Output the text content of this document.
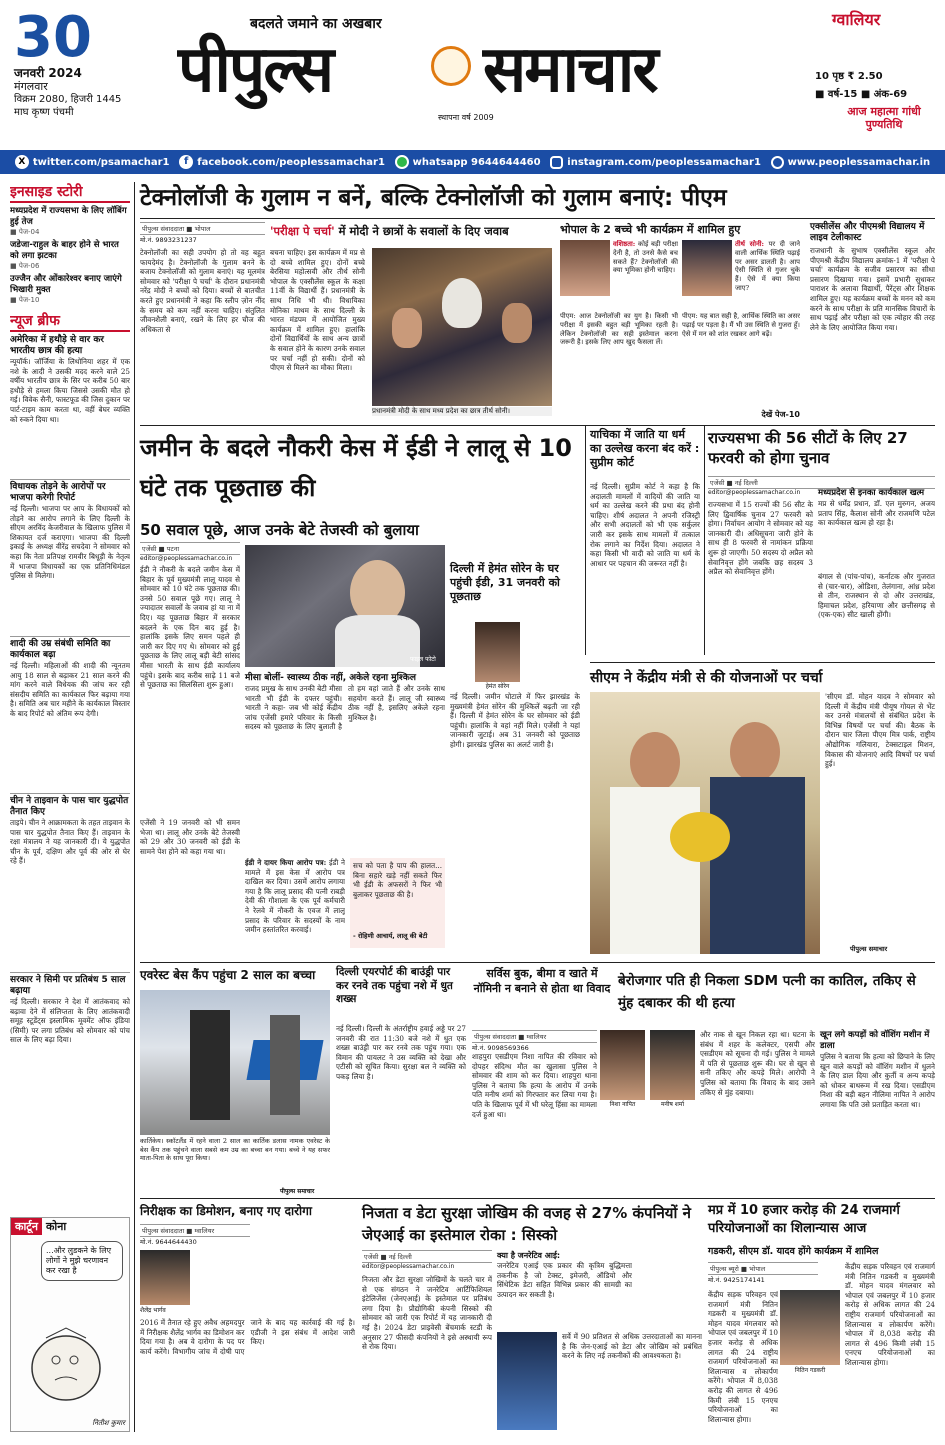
30
जनवरी 2024
मंगलवार
विक्रम 2080, हिजरी 1445
माघ कृष्ण पंचमी
बदलते जमाने का अखबार
पीपुल्स समाचार
स्थापना वर्ष 2009
ग्वालियर
10 पृष्ठ ₹ 2.50
■ वर्ष-15 ■ अंक-69
आज महात्मा गांधी पुण्यतिथि
X twitter.com/psamachar1	f facebook.com/peoplessamachar1	whatsapp 9644644460	instagram.com/peoplessamachar1	www.peoplessamachar.in
इनसाइड स्टोरी
मध्यप्रदेश में राज्यसभा के लिए लॉबिंग हुई तेज
■ पेज-04
जडेजा-राहुल के बाहर होने से भारत को लगा झटका
■ पेज-06
उज्जैन और ओंकारेश्वर बनाए जाएंगे भिखारी मुक्त
■ पेज-10
न्यूज ब्रीफ
अमेरिका में हथौड़े से वार कर भारतीय छात्र की हत्या
न्यूयॉर्क। जॉर्जिया के लिथोनिया शहर में एक नशे के आदी ने उसकी मदद करने वाले 25 वर्षीय भारतीय छात्र के सिर पर करीब 50 बार हथौड़े से हमला किया जिससे उसकी मौत हो गई। विवेक सैनी, फास्टफूड की जिस दुकान पर पार्ट-टाइम काम करता था, वहीं बेघर व्यक्ति को रुकने दिया था।
विधायक तोड़ने के आरोपों पर भाजपा करेगी रिपोर्ट
नई दिल्ली। भाजपा पर आप के विधायकों को तोड़ने का आरोप लगाने के लिए दिल्ली के सीएम अरविंद केजरीवाल के खिलाफ पुलिस में शिकायत दर्ज कराएगा। भाजपा की दिल्ली इकाई के अध्यक्ष वीरेंद्र सचदेवा ने सोमवार को कहा कि नेता प्रतिपक्ष रामवीर बिधूड़ी के नेतृत्व में भाजपा विधायकों का एक प्रतिनिधिमंडल पुलिस से मिलेगा।
शादी की उम्र संबंधी समिति का कार्यकाल बढ़ा
नई दिल्ली। महिलाओं की शादी की न्यूनतम आयु 18 साल से बढ़ाकर 21 साल करने की मांग करने वाले विधेयक की जांच कर रही संसदीय समिति का कार्यकाल फिर बढ़ाया गया है। समिति अब चार महीने के कार्यकाल विस्तार के बाद रिपोर्ट को अंतिम रूप देगी।
चीन ने ताइवान के पास चार युद्धपोत तैनात किए
ताइपे। चीन ने आक्रामकता के तहत ताइवान के पास चार युद्धपोत तैनात किए हैं। ताइवान के रक्षा मंत्रालय ने यह जानकारी दी। ये युद्धपोत चीन के पूर्व, दक्षिण और पूर्व की ओर से घेर रहे हैं।
सरकार ने सिमी पर प्रतिबंध 5 साल बढ़ाया
नई दिल्ली। सरकार ने देश में आतंकवाद को बढ़ावा देने में संलिप्तता के लिए आतंकवादी समूह स्टूडेंट्स इस्लामिक मूवमेंट ऑफ इंडिया (सिमी) पर लगा प्रतिबंध को सोमवार को पांच साल के लिए बढ़ा दिया।
कार्टून कोना
...और लुडकने के लिए लोगों ने मुझे चरणावन कर रखा है
नितीश कुमार
टेक्नोलॉजी के गुलाम न बनें, बल्कि टेक्नोलॉजी को गुलाम बनाएं: पीएम
पीपुल्स संवाददाता ■ भोपाल
मो.नं. 9893231237
'परीक्षा पे चर्चा' में मोदी ने छात्रों के सवालों के दिए जवाब
टेक्नोलॉजी का सही उपयोग हो तो वह बहुत फायदेमंद है। टेक्नोलॉजी के गुलाम बनने के बजाय टेक्नोलॉजी को गुलाम बनाएं। यह मूलमंत्र सोमवार को 'परीक्षा पे चर्चा' के दौरान प्रधानमंत्री नरेंद्र मोदी ने बच्चों को दिया। बच्चों से बातचीत करते हुए प्रधानमंत्री ने कहा कि स्लीप ज़ोन नींद के समय को कम नहीं करना चाहिए। संतुलित जीवनशैली बनाएं, रखने के लिए हर चौज की अधिकता से
बचना चाहिए। इस कार्यक्रम में मप्र से दो बच्चे शामिल हुए। दोनों बच्चे बेरसिया महोत्सवी और तीर्थ सोनी भोपाल के एक्सीलेंस स्कूल के कक्षा 11वीं के विद्यार्थी हैं। प्रधानमंत्री के साथ निधि भी थी। विधायिका मोनिका माथम के साथ दिल्ली के भारत मंडपम में आयोजित मुख्य कार्यक्रम में शामिल हुए। हालांकि दोनों विद्यार्थियों के साथ अन्य छात्रों के सवाल होने के कारण उनके सवाल पर चर्चा नहीं हो सकी। दोनों को पीएम से मिलने का मौका मिला।
प्रधानमंत्री मोदी के साथ मध्य प्रदेश का छात्र तीर्थ सोनी।
भोपाल के 2 बच्चे भी कार्यक्रम में शामिल हुए
वशिष्ठता: कोई बड़ी परीक्षा देनी है, तो उनसे कैसे बच सकते हैं? टेक्नोलॉजी की क्या भूमिका होनी चाहिए।
पीएम: आज टेक्नोलॉजी का युग है। किसी भी परीक्षा में इसकी बहुत बड़ी भूमिका रहती है। लेकिन टेक्नोलॉजी का सही इस्तेमाल करना जरूरी है। इसके लिए आप खुद फैसला लें।
तीर्थ सोनी: पर दी जाने वाली आर्थिक स्थिति पढ़ाई पर असर डालती है। आप ऐसी स्थिति से गुजर चुके हैं। ऐसे में क्या किया जाए?
पीएम: यह बात सही है, आर्थिक स्थिति का असर पढ़ाई पर पड़ता है। मैं भी उस स्थिति से गुजरा हूँ। ऐसे में मन को शांत रखकर आगे बढ़ें।
देखें पेज-10
एक्सीलेंस और पीएमश्री विद्यालय में लाइव टेलीकास्ट
राजधानी के सुभाष एक्सीलेंस स्कूल और पीएमश्री केंद्रीय विद्यालय क्रमांक-1 में 'परीक्षा पे चर्चा' कार्यक्रम के सजीव प्रसारण का सीधा प्रसारण दिखाया गया। इसमें प्रभारी सुधाकर पाराशर के अलावा विद्यार्थी, पैरेंट्स और शिक्षक शामिल हुए। यह कार्यक्रम बच्चों के मनन को कम करने के साथ परीक्षा के प्रति मानसिक विचारों के साथ पढ़ाई और परीक्षा को एक त्योहार की तरह लेने के लिए आयोजित किया गया।
जमीन के बदले नौकरी केस में ईडी ने लालू से 10 घंटे तक पूछताछ की
50 सवाल पूछे, आज उनके बेटे तेजस्वी को बुलाया
एजेंसी ■ पटना
editor@peoplessamachar.co.in
ईडी ने नौकरी के बदले जमीन केस में बिहार के पूर्व मुख्यमंत्री लालू यादव से सोमवार को 10 घंटे तक पूछताछ की। उनसे 50 सवाल पूछे गए। लालू ने ज्यादातर सवालों के जवाब हां या ना में दिए। यह पूछताछ बिहार में सरकार बदलने के एक दिन बाद हुई है। हालांकि इसके लिए समन पहले ही जारी कर दिए गए थे। सोमवार को हुई पूछताछ के लिए लालू बड़ी बेटी सांसद मीसा भारती के साथ ईडी कार्यालय पहुंचे। इसके बाद करीब साढ़े 11 बजे से पूछताछ का सिलसिला शुरू हुआ।
एजेंसी ने 19 जनवरी को भी समन भेजा था। लालू और उनके बेटे तेजस्वी को 29 और 30 जनवरी को ईडी के सामने पेश होने को कहा गया था।
फाइल फोटो
मीसा बोलीं- स्वास्थ्य ठीक नहीं, अकेले रहना मुश्किल
राजद प्रमुख के साथ उनकी बेटी मीसा भारती भी ईडी के दफ्तर पहुंची। भारती ने कहा- जब भी कोई केंद्रीय जांच एजेंसी हमारे परिवार के किसी सदस्य को पूछताछ के लिए बुलाती है तो हम वहां जाते हैं और उनके साथ सहयोग करते हैं। लालू जी स्वास्थ्य ठीक नहीं है, इसलिए अकेले रहना मुश्किल है।
ईडी ने दायर किया आरोप पत्र: ईडी ने मामले में इस केस में आरोप पत्र दाखिल कर दिया। उसमें आरोप लगाया गया है कि लालू प्रसाद की पत्नी राबड़ी देवी की गौशाला के एक पूर्व कर्मचारी ने रेलवे में नौकरी के एवज में लालू प्रसाद के परिवार के सदस्यों के नाम जमीन हस्तांतरित करवाई।
सच को पता है पाप की हालत... बिना सहारे खड़े नहीं सकते फिर भी ईडी के अफसरों ने फिर भी बुलाकर पूछताछ की है।
- रोहिणी आचार्य, लालू की बेटी
दिल्ली में हेमंत सोरेन के घर पहुंची ईडी, 31 जनवरी को पूछताछ
हेमंत सोरेन
नई दिल्ली। जमीन घोटाले में फिर झारखंड के मुख्यमंत्री हेमंत सोरेन की मुश्किलें बढ़ती जा रही हैं। दिल्ली में हेमंत सोरेन के घर सोमवार को ईडी पहुंची। हालांकि वे वहां नहीं मिले। एजेंसी ने यहां जानकारी जुटाई। अब 31 जनवरी को पूछताछ होगी। झारखंड पुलिस का अलर्ट जारी है।
याचिका में जाति या धर्म का उल्लेख करना बंद करें : सुप्रीम कोर्ट
नई दिल्ली। सुप्रीम कोर्ट ने कहा है कि अदालती मामलों में वादियों की जाति या धर्म का उल्लेख करने की प्रथा बंद होनी चाहिए। शीर्ष अदालत ने अपनी रजिस्ट्री और सभी अदालतों को भी एक सर्कुलर जारी कर इसके साथ मामलों में तत्काल रोक लगाने का निर्देश दिया। अदालत ने कहा किसी भी वादी को जाति या धर्म के आधार पर पहचान की जरूरत नहीं है।
राज्यसभा की 56 सीटों के लिए 27 फरवरी को होगा चुनाव
एजेंसी ■ नई दिल्ली
editor@peoplessamachar.co.in
राज्यसभा में 15 राज्यों की 56 सीट के लिए द्विवार्षिक चुनाव 27 फरवरी को होगा। निर्वाचन आयोग ने सोमवार को यह जानकारी दी। अधिसूचना जारी होने के साथ ही 8 फरवरी से नामांकन प्रक्रिया शुरू हो जाएगी। 50 सदस्य दो अप्रैल को सेवानिवृत्त होंगे जबकि छह सदस्य 3 अप्रैल को सेवानिवृत्त होंगे।
मध्यप्रदेश से इनका कार्यकाल खत्म
मप्र से धर्मेंद्र प्रधान, डॉ. एल मुरुगन, अजय प्रताप सिंह, कैलाश सोनी और राजमणि पटेल का कार्यकाल खत्म हो रहा है।
बंगाल से (पांच-पांच), कर्नाटक और गुजरात से (चार-चार), ओडिशा, तेलंगाना, आंध्र प्रदेश से तीन, राजस्थान से दो और उत्तराखंड, हिमाचल प्रदेश, हरियाणा और छत्तीसगढ़ से (एक-एक) सीट खाली होंगी।
सीएम ने केंद्रीय मंत्री से की योजनाओं पर चर्चा
'सीएम डॉ. मोहन यादव ने सोमवार को दिल्ली में केंद्रीय मंत्री पीयूष गोयल से भेंट कर उनसे मंत्रालयों से संबंधित प्रदेश के विभिन्न विषयों पर चर्चा की। बैठक के दौरान चार जिला पीएम मित्र पार्क, राष्ट्रीय औद्योगिक गलियारा, टेक्सटाइल मिशन, विकास की योजनाएं आदि विषयों पर चर्चा हुई।
पीपुल्स समाचार
एवरेस्ट बेस कैंप पहुंचा 2 साल का बच्चा
कार्तिकेय। स्कॉटलैंड में रहने वाला 2 साल का कार्तिक डलास नामक एवरेस्ट के बेस कैंप तक पहुंचने वाला सबसे कम उम्र का बच्चा बन गया। बच्चे ने यह सफर माता-पिता के साथ पूरा किया।
पीपुल्स समाचार
दिल्ली एयरपोर्ट की बाउंड्री पार कर रनवे तक पहुंचा नशे में धुत शख्स
नई दिल्ली। दिल्ली के अंतर्राष्ट्रीय हवाई अड्डे पर 27 जनवरी की रात 11:30 बजे नशे में धुत एक शख्स बाउंड्री पार कर रनवे तक पहुंच गया। एक विमान की पायलट ने उस व्यक्ति को देखा और एटीसी को सूचित किया। सुरक्षा बल ने व्यक्ति को पकड़ लिया है।
सर्विस बुक, बीमा व खाते में नॉमिनी न बनाने से होता था विवाद
पीपुल्स संवाददाता ■ ग्वालियर
मो.नं. 9098569366
शाहपुरा एसडीएम निशा नापित की रविवार को दोपहर संदिग्ध मौत का खुलासा पुलिस ने सोमवार की शाम को कर दिया। शाहपुरा थाना पुलिस ने बताया कि हत्या के आरोप में उनके पति मनीष शर्मा को गिरफ्तार कर लिया गया है। पति के खिलाफ पूर्व में भी घरेलू हिंसा का मामला दर्ज हुआ था।
बेरोजगार पति ही निकला SDM पत्नी का कातिल, तकिए से मुंह दबाकर की थी हत्या
निशा नापित	मनीष शर्मा
और नाक से खून निकल रहा था। घटना के संबंध में शहर के कलेक्टर, एसपी और एसडीएम को सूचना दी गई। पुलिस ने मामले में पति से पूछताछ शुरू की। घर से खून से सनी तकिए और कपड़े मिले। आरोपी ने पुलिस को बताया कि विवाद के बाद उसने तकिए से मुंह दबाया।
खून लगे कपड़ों को वॉशिंग मशीन में डाला
पुलिस ने बताया कि हत्या को छिपाने के लिए खून वाले कपड़ों को वॉशिंग मशीन में धुलने के लिए डाल दिया और कुर्ती व अन्य कपड़े को धोकर बाथरूम में रख दिया। एसडीएम निशा की बड़ी बहन नीलिमा नापित ने आरोप लगाया कि पति उसे प्रताड़ित करता था।
निरीक्षक का डिमोशन, बनाए गए दारोगा
पीपुल्स संवाददाता ■ ग्वालियर
मो.नं. 9644644430
शैलेंद्र भार्गव
2016 में तैनात रहे हुए अवैध अहमदपुर में निरीक्षक शैलेंद्र भार्गव का डिमोशन कर दिया गया है। अब वे दारोगा के पद पर कार्य करेंगे। विभागीय जांच में दोषी पाए जाने के बाद यह कार्रवाई की गई है। एडीजी ने इस संबंध में आदेश जारी किए।
निजता व डेटा सुरक्षा जोखिम की वजह से 27% कंपनियों ने जेएआई का इस्तेमाल रोका : सिस्को
एजेंसी ■ नई दिल्ली
editor@peoplessamachar.co.in
निजता और डेटा सुरक्षा जोखिमों के चलते चार में से एक संगठन ने जनरेटिव आर्टिफिशियल इंटेलिजेंस (जेनएआई) के इस्तेमाल पर प्रतिबंध लगा दिया है। प्रौद्योगिकी कंपनी सिस्को की सोमवार को जारी एक रिपोर्ट में यह जानकारी दी गई है। 2024 डेटा प्राइवेसी बेंचमार्क स्टडी के अनुसार 27 फीसदी कंपनियों ने इसे अस्थायी रूप से रोक दिया।
क्या है जनरेटिव आई:
जनरेटिव एआई एक प्रकार की कृत्रिम बुद्धिमत्ता तकनीक है जो टेक्स्ट, इमेजरी, ऑडियो और सिंथेटिक डेटा सहित विभिन्न प्रकार की सामग्री का उत्पादन कर सकती है।
सर्वे में 90 प्रतिशत से अधिक उत्तरदाताओं का मानना है कि जेन-एआई को डेटा और जोखिम को प्रबंधित करने के लिए नई तकनीकों की आवश्यकता है।
मप्र में 10 हजार करोड़ की 24 राजमार्ग परियोजनाओं का शिलान्यास आज
गडकरी, सीएम डॉ. यादव होंगे कार्यक्रम में शामिल
पीपुल्स ब्यूरो ■ भोपाल
मो.नं. 9425174141
नितिन गडकरी
केंद्रीय सड़क परिवहन एवं राजमार्ग मंत्री नितिन गडकरी व मुख्यमंत्री डॉ. मोहन यादव मंगलवार को भोपाल एवं जबलपुर में 10 हजार करोड़ से अधिक लागत की 24 राष्ट्रीय राजमार्ग परियोजनाओं का शिलान्यास व लोकार्पण करेंगे। भोपाल में 8,038 करोड़ की लागत से 496 किमी लंबी 15 एनएच परियोजनाओं का शिलान्यास होगा।
केंद्रीय सड़क परिवहन एवं राजमार्ग मंत्री नितिन गडकरी व मुख्यमंत्री डॉ. मोहन यादव मंगलवार को भोपाल एवं जबलपुर में 10 हजार करोड़ से अधिक लागत की 24 राष्ट्रीय राजमार्ग परियोजनाओं का शिलान्यास व लोकार्पण करेंगे। भोपाल में 8,038 करोड़ की लागत से 496 किमी लंबी 15 एनएच परियोजनाओं का शिलान्यास होगा।
